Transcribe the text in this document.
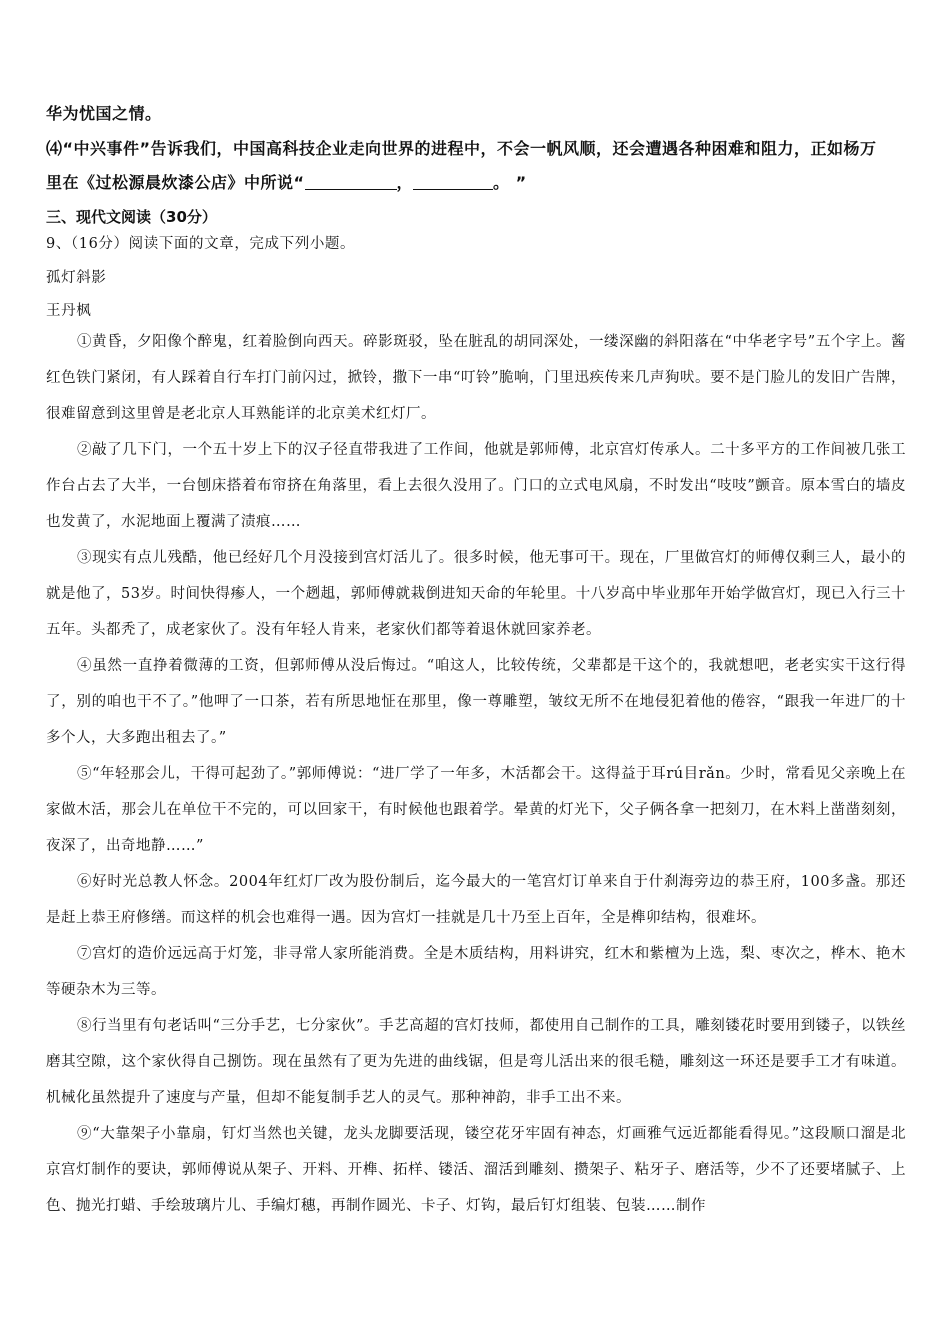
华为忧国之情。
⑷“中兴事件”告诉我们，中国高科技企业走向世界的进程中，不会一帆风顺，还会遭遇各种困难和阻力，正如杨万
里在《过松源晨炊漆公店》中所说“	，	。 ”
三、现代文阅读（30分）
9、（16分）阅读下面的文章，完成下列小题。
孤灯斜影
王丹枫

①黄昏，夕阳像个醉鬼，红着脸倒向西天。碎影斑驳，坠在脏乱的胡同深处，一缕深幽的斜阳落在“中华老字号”五个字上。酱红色铁门紧闭，有人踩着自行车打门前闪过，掀铃，撒下一串“叮铃”脆响，门里迅疾传来几声狗吠。要不是门脸儿的发旧广告牌，很难留意到这里曾是老北京人耳熟能详的北京美术红灯厂。

②敲了几下门，一个五十岁上下的汉子径直带我进了工作间，他就是郭师傅，北京宫灯传承人。二十多平方的工作间被几张工作台占去了大半，一台刨床搭着布帘挤在角落里，看上去很久没用了。门口的立式电风扇，不时发出“吱吱”颤音。原本雪白的墙皮也发黄了，水泥地面上覆满了渍痕……

③现实有点儿残酷，他已经好几个月没接到宫灯活儿了。很多时候，他无事可干。现在，厂里做宫灯的师傅仅剩三人，最小的就是他了，53岁。时间快得瘆人，一个趔趄，郭师傅就栽倒进知天命的年轮里。十八岁高中毕业那年开始学做宫灯，现已入行三十五年。头都秃了，成老家伙了。没有年轻人肯来，老家伙们都等着退休就回家养老。

④虽然一直挣着微薄的工资，但郭师傅从没后悔过。“咱这人，比较传统，父辈都是干这个的，我就想吧，老老实实干这行得了，别的咱也干不了。”他呷了一口茶，若有所思地怔在那里，像一尊雕塑，皱纹无所不在地侵犯着他的倦容，“跟我一年进厂的十多个人，大多跑出租去了。”

⑤“年轻那会儿，干得可起劲了。”郭师傅说：“进厂学了一年多，木活都会干。这得益于耳rú目rǎn。少时，常看见父亲晚上在家做木活，那会儿在单位干不完的，可以回家干，有时候他也跟着学。晕黄的灯光下，父子俩各拿一把刻刀，在木料上凿凿刻刻，夜深了，出奇地静……”

⑥好时光总教人怀念。2004年红灯厂改为股份制后，迄今最大的一笔宫灯订单来自于什刹海旁边的恭王府，100多盏。那还是赶上恭王府修缮。而这样的机会也难得一遇。因为宫灯一挂就是几十乃至上百年，全是榫卯结构，很难坏。

⑦宫灯的造价远远高于灯笼，非寻常人家所能消费。全是木质结构，用料讲究，红木和紫檀为上选，梨、枣次之，桦木、艳木等硬杂木为三等。

⑧行当里有句老话叫“三分手艺，七分家伙”。手艺高超的宫灯技师，都使用自己制作的工具，雕刻镂花时要用到镂子，以铁丝磨其空隙，这个家伙得自己捌饬。现在虽然有了更为先进的曲线锯，但是弯儿活出来的很毛糙，雕刻这一环还是要手工才有味道。机械化虽然提升了速度与产量，但却不能复制手艺人的灵气。那种神韵，非手工出不来。

⑨“大靠架子小靠扇，钉灯当然也关键，龙头龙脚要活现，镂空花牙牢固有神态，灯画雅气远近都能看得见。”这段顺口溜是北京宫灯制作的要诀，郭师傅说从架子、开料、开榫、拓样、镂活、溜活到雕刻、攒架子、粘牙子、磨活等，少不了还要堵腻子、上色、抛光打蜡、手绘玻璃片儿、手编灯穗，再制作圆光、卡子、灯钩，最后钉灯组装、包装……制作
